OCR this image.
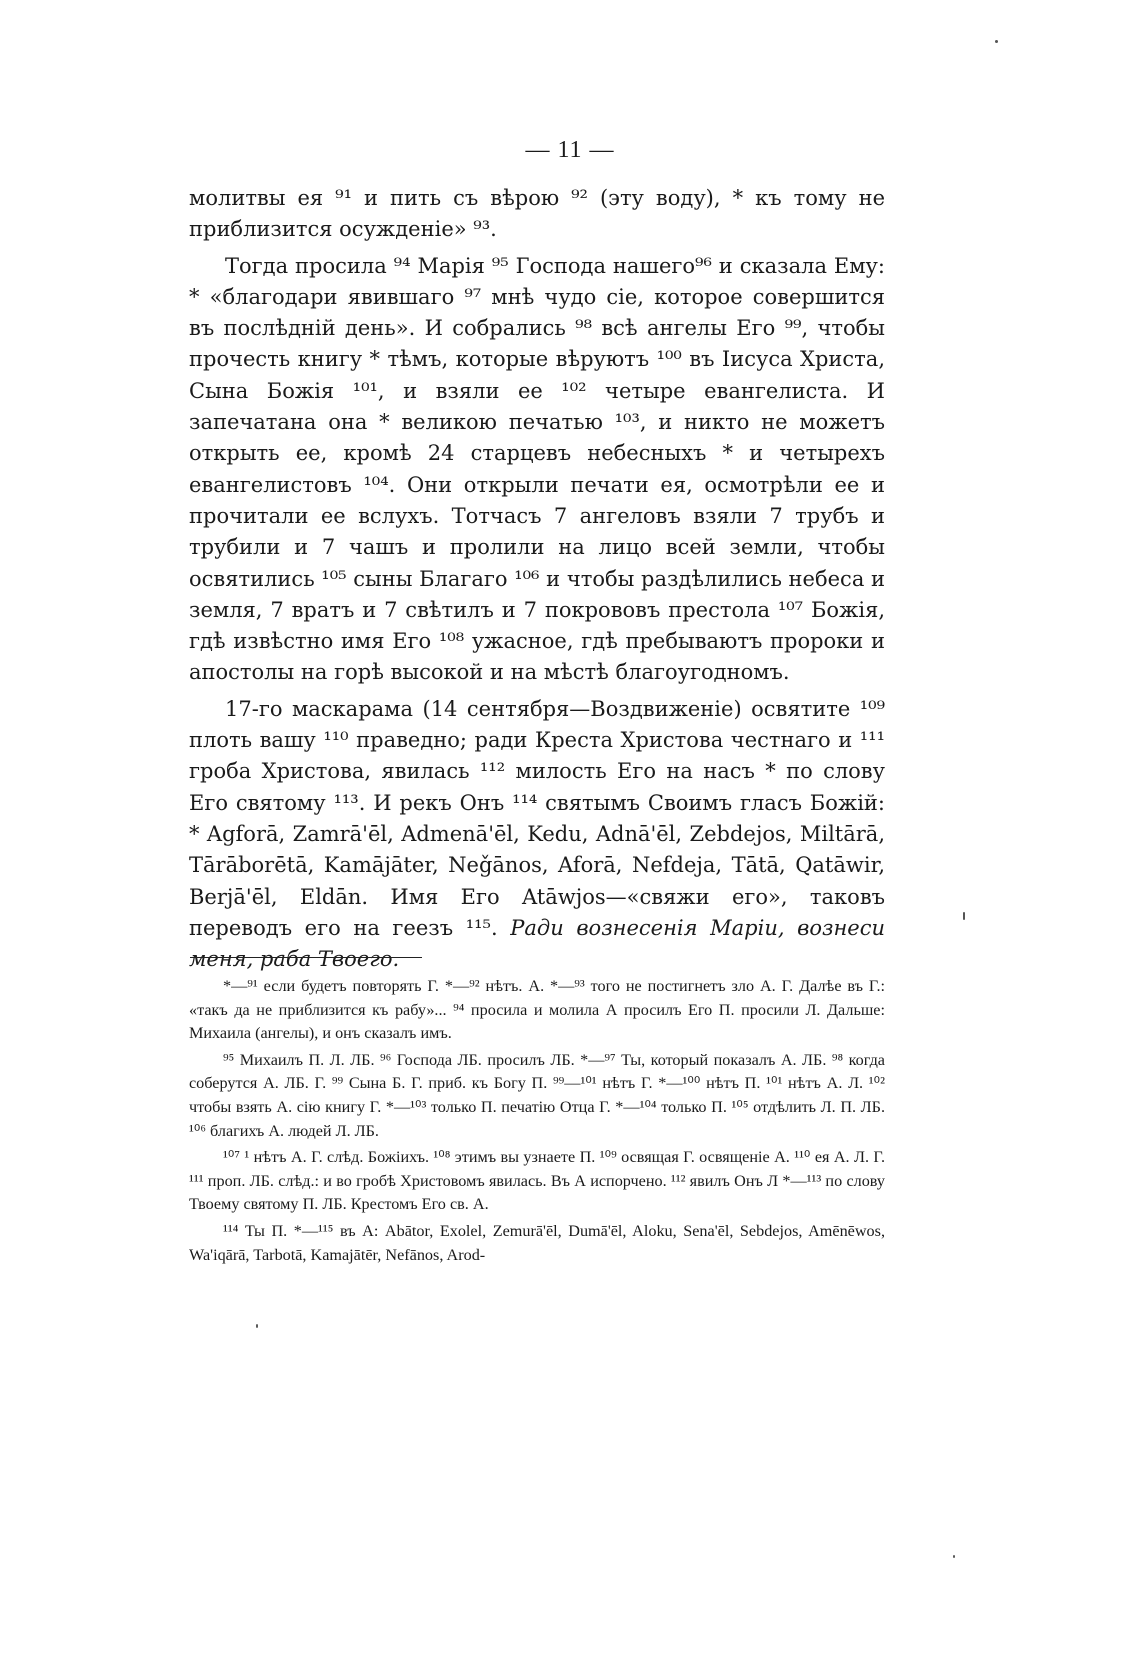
— 11 —

молитвы ея ⁹¹ и пить съ вѣрою ⁹² (эту воду), * къ тому не приблизится осужденіе» ⁹³.

Тогда просила ⁹⁴ Марія ⁹⁵ Господа нашего⁹⁶ и сказала Ему: * «благодари явившаго ⁹⁷ мнѣ чудо сіе, которое совершится въ послѣдній день». И собрались ⁹⁸ всѣ ангелы Его ⁹⁹, чтобы прочесть книгу * тѣмъ, которые вѣруютъ ¹⁰⁰ въ Іисуса Христа, Сына Божія ¹⁰¹, и взяли ее ¹⁰² четыре евангелиста. И запечатана она * великою печатью ¹⁰³, и никто не можетъ открыть ее, кромѣ 24 старцевъ небесныхъ * и четырехъ евангелистовъ ¹⁰⁴. Они открыли печати ея, осмотрѣли ее и прочитали ее вслухъ. Тотчасъ 7 ангеловъ взяли 7 трубъ и трубили и 7 чашъ и пролили на лицо всей земли, чтобы освятились ¹⁰⁵ сыны Благаго ¹⁰⁶ и чтобы раздѣлились небеса и земля, 7 вратъ и 7 свѣтилъ и 7 покрововъ престола ¹⁰⁷ Божія, гдѣ извѣстно имя Его ¹⁰⁸ ужасное, гдѣ пребываютъ пророки и апостолы на горѣ высокой и на мѣстѣ благоугодномъ.

17-го маскарама (14 сентября—Воздвиженіе) освятите ¹⁰⁹ плоть вашу ¹¹⁰ праведно; ради Креста Христова честнаго и ¹¹¹ гроба Христова, явилась ¹¹² милость Его на насъ * по слову Его святому ¹¹³. И рекъ Онъ ¹¹⁴ святымъ Своимъ гласъ Божій: * Agforā, Zamrā'ēl, Admenā'ēl, Kedu, Adnā'ēl, Zebdejos, Miltārā, Tārāborētā, Kamājāter, Neǧānos, Aforā, Nefdeja, Tātā, Qatāwir, Berjā'ēl, Eldān. Имя Его Atāwjos—«свяжи его», таковъ переводъ его на геезъ ¹¹⁵. Ради вознесенія Маріи, вознеси меня, раба Твоего.

*—⁹¹ если будетъ повторять Г. *—⁹² нѣтъ. А. *—⁹³ того не постигнетъ зло А. Г. Далѣе въ Г.: «такъ да не приблизится къ рабу»... ⁹⁴ просила и молила А просилъ Его П. просили Л. Дальше: Михаила (ангелы), и онъ сказалъ имъ.

⁹⁵ Михаилъ П. Л. ЛБ. ⁹⁶ Господа ЛБ. просилъ ЛБ. *—⁹⁷ Ты, который показалъ А. ЛБ. ⁹⁸ когда соберутся А. ЛБ. Г. ⁹⁹ Сына Б. Г. приб. къ Богу П. ⁹⁹—¹⁰¹ нѣтъ Г. *—¹⁰⁰ нѣтъ П. ¹⁰¹ нѣтъ А. Л. ¹⁰² чтобы взять А. сію книгу Г. *—¹⁰³ только П. печатію Отца Г. *—¹⁰⁴ только П. ¹⁰⁵ отдѣлить Л. П. ЛБ. ¹⁰⁶ благихъ А. людей Л. ЛБ.

¹⁰⁷ ¹ нѣтъ А. Г. слѣд. Божіихъ. ¹⁰⁸ этимъ вы узнаете П. ¹⁰⁹ освящая Г. освященіе А. ¹¹⁰ ея А. Л. Г. ¹¹¹ проп. ЛБ. слѣд.: и во гробѣ Христовомъ явилась. Въ А испорчено. ¹¹² явилъ Онъ Л *—¹¹³ по слову Твоему святому П. ЛБ. Крестомъ Его св. А.

¹¹⁴ Ты П. *—¹¹⁵ въ А: Abātor, Exolel, Zemurā'ēl, Dumā'ēl, Aloku, Sena'ēl, Sebdejos, Amēnēwos, Wa'iqārā, Tarbotā, Kamajātēr, Nefānos, Arod-
